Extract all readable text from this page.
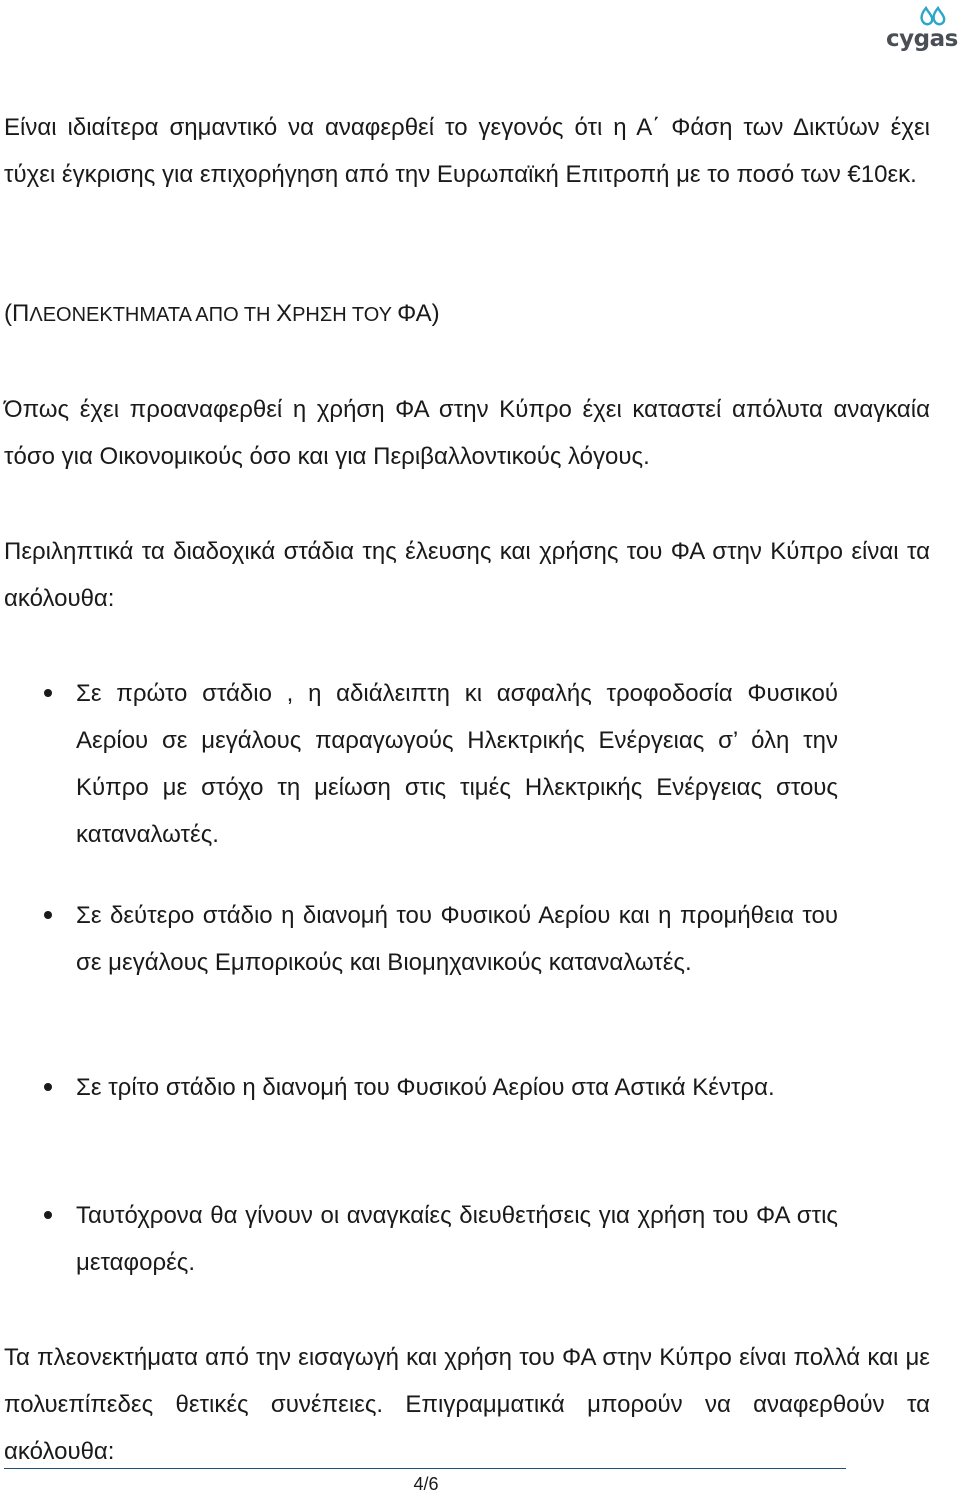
cygas
Είναι ιδιαίτερα σημαντικό να αναφερθεί το γεγονός ότι η Α΄ Φάση των Δικτύων έχει τύχει έγκρισης για επιχορήγηση από την Ευρωπαϊκή Επιτροπή με το ποσό των €10εκ.
(ΠΛΕΟΝΕΚΤΗΜΑΤΑ ΑΠΟ ΤΗ ΧΡΗΣΗ ΤΟΥ ΦΑ)
Όπως έχει προαναφερθεί η χρήση ΦΑ στην Κύπρο έχει καταστεί απόλυτα αναγκαία τόσο για Οικονομικούς όσο και για Περιβαλλοντικούς λόγους.
Περιληπτικά τα διαδοχικά στάδια της έλευσης και χρήσης του ΦΑ στην Κύπρο είναι τα ακόλουθα:
Σε πρώτο στάδιο , η αδιάλειπτη κι ασφαλής τροφοδοσία Φυσικού Αερίου σε μεγάλους παραγωγούς Ηλεκτρικής Ενέργειας σ’ όλη την Κύπρο με στόχο τη μείωση στις τιμές Ηλεκτρικής Ενέργειας στους καταναλωτές.
Σε δεύτερο στάδιο η διανομή του Φυσικού Αερίου και η προμήθεια του σε μεγάλους Εμπορικούς και Βιομηχανικούς καταναλωτές.
Σε τρίτο στάδιο η διανομή του Φυσικού Αερίου στα Αστικά Κέντρα.
Ταυτόχρονα θα γίνουν οι αναγκαίες διευθετήσεις για χρήση του ΦΑ στις μεταφορές.
Τα πλεονεκτήματα από την εισαγωγή και χρήση του ΦΑ στην Κύπρο είναι πολλά και με πολυεπίπεδες θετικές συνέπειες. Επιγραμματικά μπορούν να αναφερθούν τα ακόλουθα:
4/6
